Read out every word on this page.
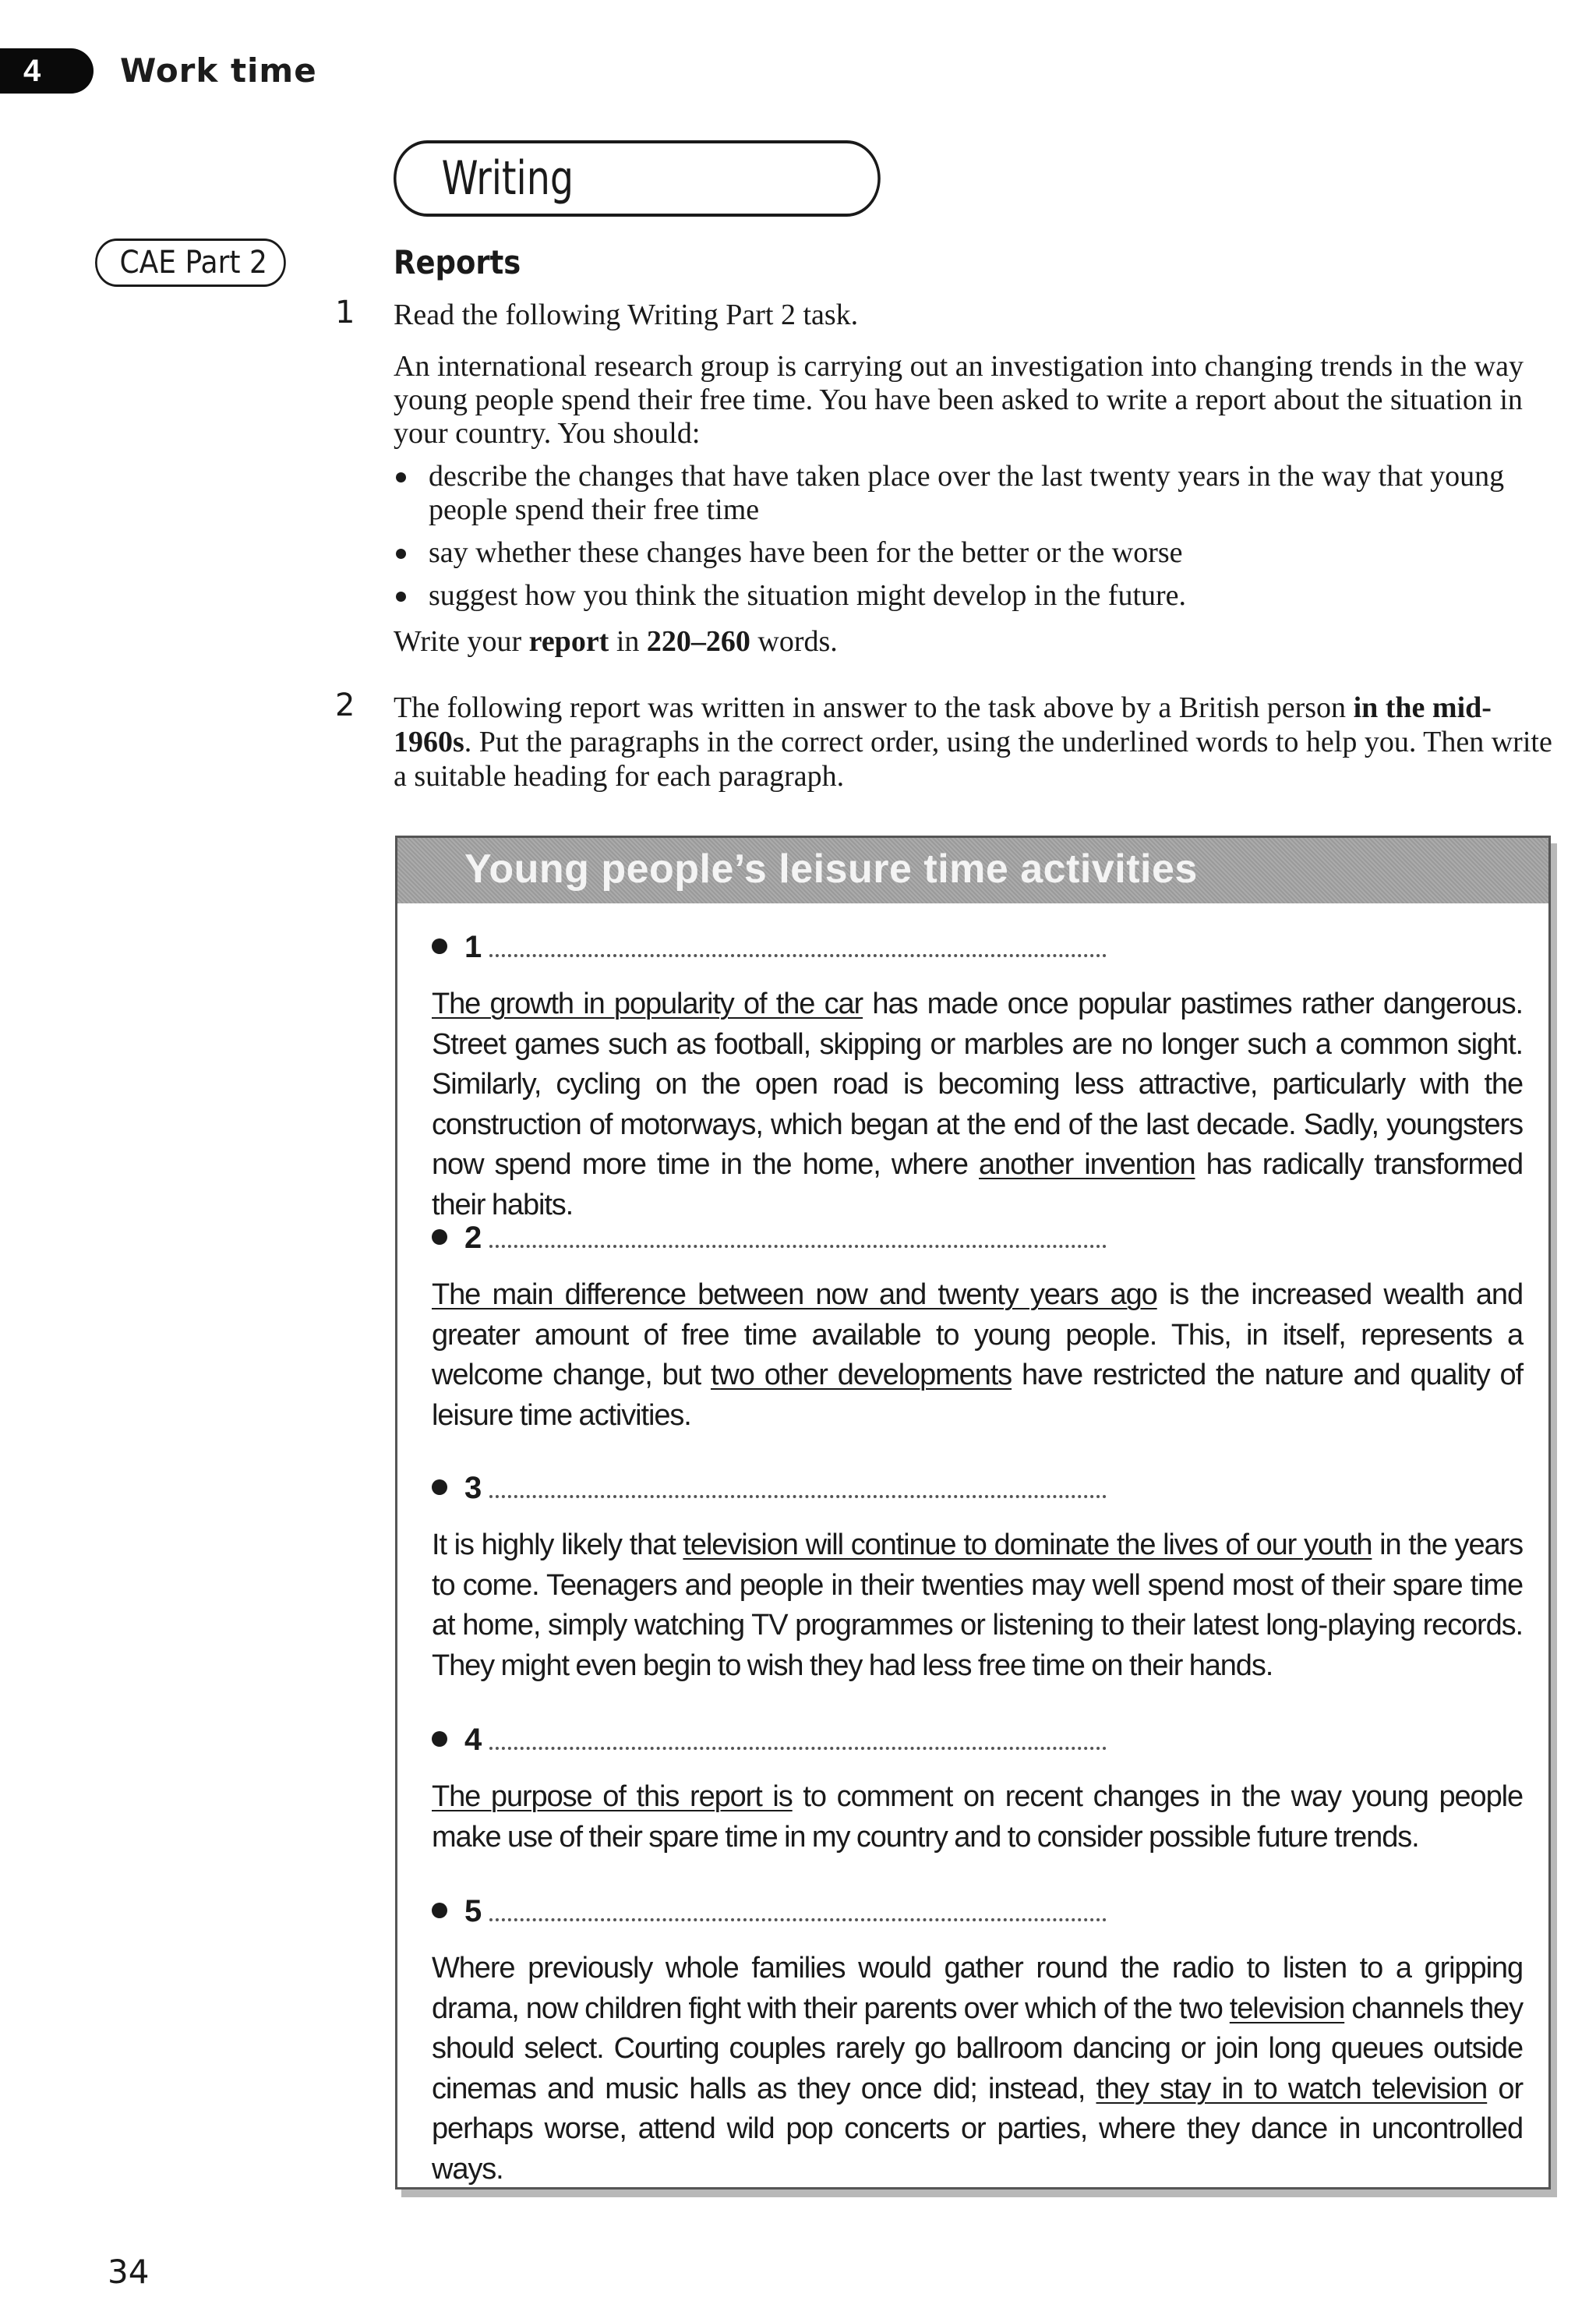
4	Work time
Writing
CAE Part 2	Reports
1 Read the following Writing Part 2 task.
An international research group is carrying out an investigation into changing trends in the way young people spend their free time. You have been asked to write a report about the situation in your country. You should:
describe the changes that have taken place over the last twenty years in the way that young people spend their free time
say whether these changes have been for the better or the worse
suggest how you think the situation might develop in the future.
Write your report in 220–260 words.
2 The following report was written in answer to the task above by a British person in the mid-1960s. Put the paragraphs in the correct order, using the underlined words to help you. Then write a suitable heading for each paragraph.
Young people’s leisure time activities
1
The growth in popularity of the car has made once popular pastimes rather dangerous. Street games such as football, skipping or marbles are no longer such a common sight. Similarly, cycling on the open road is becoming less attractive, particularly with the construction of motorways, which began at the end of the last decade. Sadly, youngsters now spend more time in the home, where another invention has radically transformed their habits.
2
The main difference between now and twenty years ago is the increased wealth and greater amount of free time available to young people. This, in itself, represents a welcome change, but two other developments have restricted the nature and quality of leisure time activities.
3
It is highly likely that television will continue to dominate the lives of our youth in the years to come. Teenagers and people in their twenties may well spend most of their spare time at home, simply watching TV programmes or listening to their latest long-playing records. They might even begin to wish they had less free time on their hands.
4
The purpose of this report is to comment on recent changes in the way young people make use of their spare time in my country and to consider possible future trends.
5
Where previously whole families would gather round the radio to listen to a gripping drama, now children fight with their parents over which of the two television channels they should select. Courting couples rarely go ballroom dancing or join long queues outside cinemas and music halls as they once did; instead, they stay in to watch television or perhaps worse, attend wild pop concerts or parties, where they dance in uncontrolled ways.
34
